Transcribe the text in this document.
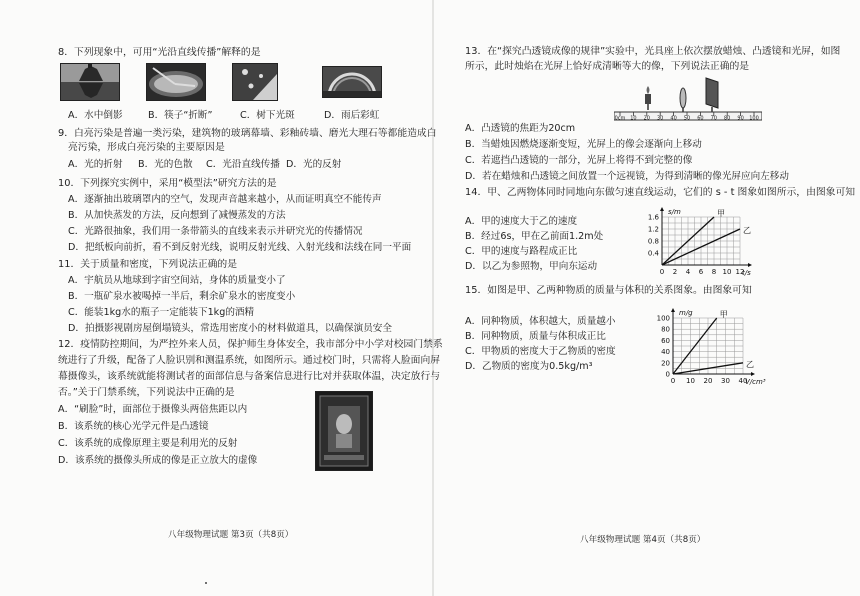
8．下列现象中，可用“光沿直线传播”解释的是
A．水中倒影	B．筷子“折断”	C．树下光斑	D．雨后彩虹
9．白亮污染是普遍一类污染，建筑物的玻璃幕墙、彩釉砖墙、磨光大理石等都能造成白
亮污染，形成白亮污染的主要原因是
A．光的折射 B．光的色散 C．光沿直线传播 D．光的反射
10．下列探究实例中，采用“模型法”研究方法的是
A．逐渐抽出玻璃罩内的空气，发现声音越来越小，从而证明真空不能传声
B．从加快蒸发的方法，反向想到了减慢蒸发的方法
C．光路很抽象，我们用一条带箭头的直线来表示并研究光的传播情况
D．把纸板向前折，看不到反射光线，说明反射光线、入射光线和法线在同一平面
11．关于质量和密度，下列说法正确的是
A．宇航员从地球到字宙空间站，身体的质量变小了
B．一瓶矿泉水被喝掉一半后，剩余矿泉水的密度变小
C．能装1kg水的瓶子一定能装下1kg的酒精
D．拍摄影视剧房屋倒塌镜头，常选用密度小的材料做道具，以确保演员安全
12．疫情防控期间，为严控外来人员，保护师生身体安全，我市部分中小学对校园门禁系
统进行了升级，配备了人脸识别和测温系统，如图所示。通过校门时，只需将人脸面向屏
幕摄像头，该系统就能将测试者的面部信息与备案信息进行比对并获取体温，决定放行与
否。”关于门禁系统，下列说法中正确的是
A．“刷脸”时，面部位于摄像头两倍焦距以内
B．该系统的核心光学元件是凸透镜
C．该系统的成像原理主要是利用光的反射
D．该系统的摄像头所成的像是正立放大的虚像
八年级物理试题 第3页（共8页）
13．在“探究凸透镜成像的规律”实验中，光具座上依次摆放蜡烛、凸透镜和光屏，如图
所示，此时烛焰在光屏上恰好成清晰等大的像，下列说法正确的是
0cm 10 20 30 40 50 60 70 80 90 100
A．凸透镜的焦距为20cm
B．当蜡烛因燃烧逐渐变短，光屏上的像会逐渐向上移动
C．若遮挡凸透镜的一部分，光屏上将得不到完整的像
D．若在蜡烛和凸透镜之间放置一个远视镜，为得到清晰的像光屏应向左移动
14．甲、乙两物体同时同地向东做匀速直线运动，它们的 s - t 图象如图所示，由图象可知
A．甲的速度大于乙的速度
B．经过6s，甲在乙前面1.2m处
C．甲的速度与路程成正比
D．以乙为参照物，甲向东运动	0 2 4 6 8 10 12
0.4
0.8
1.2
1.6
s/m
t/s
甲
乙
15．如图是甲、乙两种物质的质量与体积的关系图象。由图象可知
A．同种物质，体积越大，质量越小
B．同种物质，质量与体积成正比
C．甲物质的密度大于乙物质的密度
D．乙物质的密度为0.5kg/m³
0 10 20 30 40
0
20
40
60
80
100
m/g
V/cm³
甲
乙
八年级物理试题 第4页（共8页）
